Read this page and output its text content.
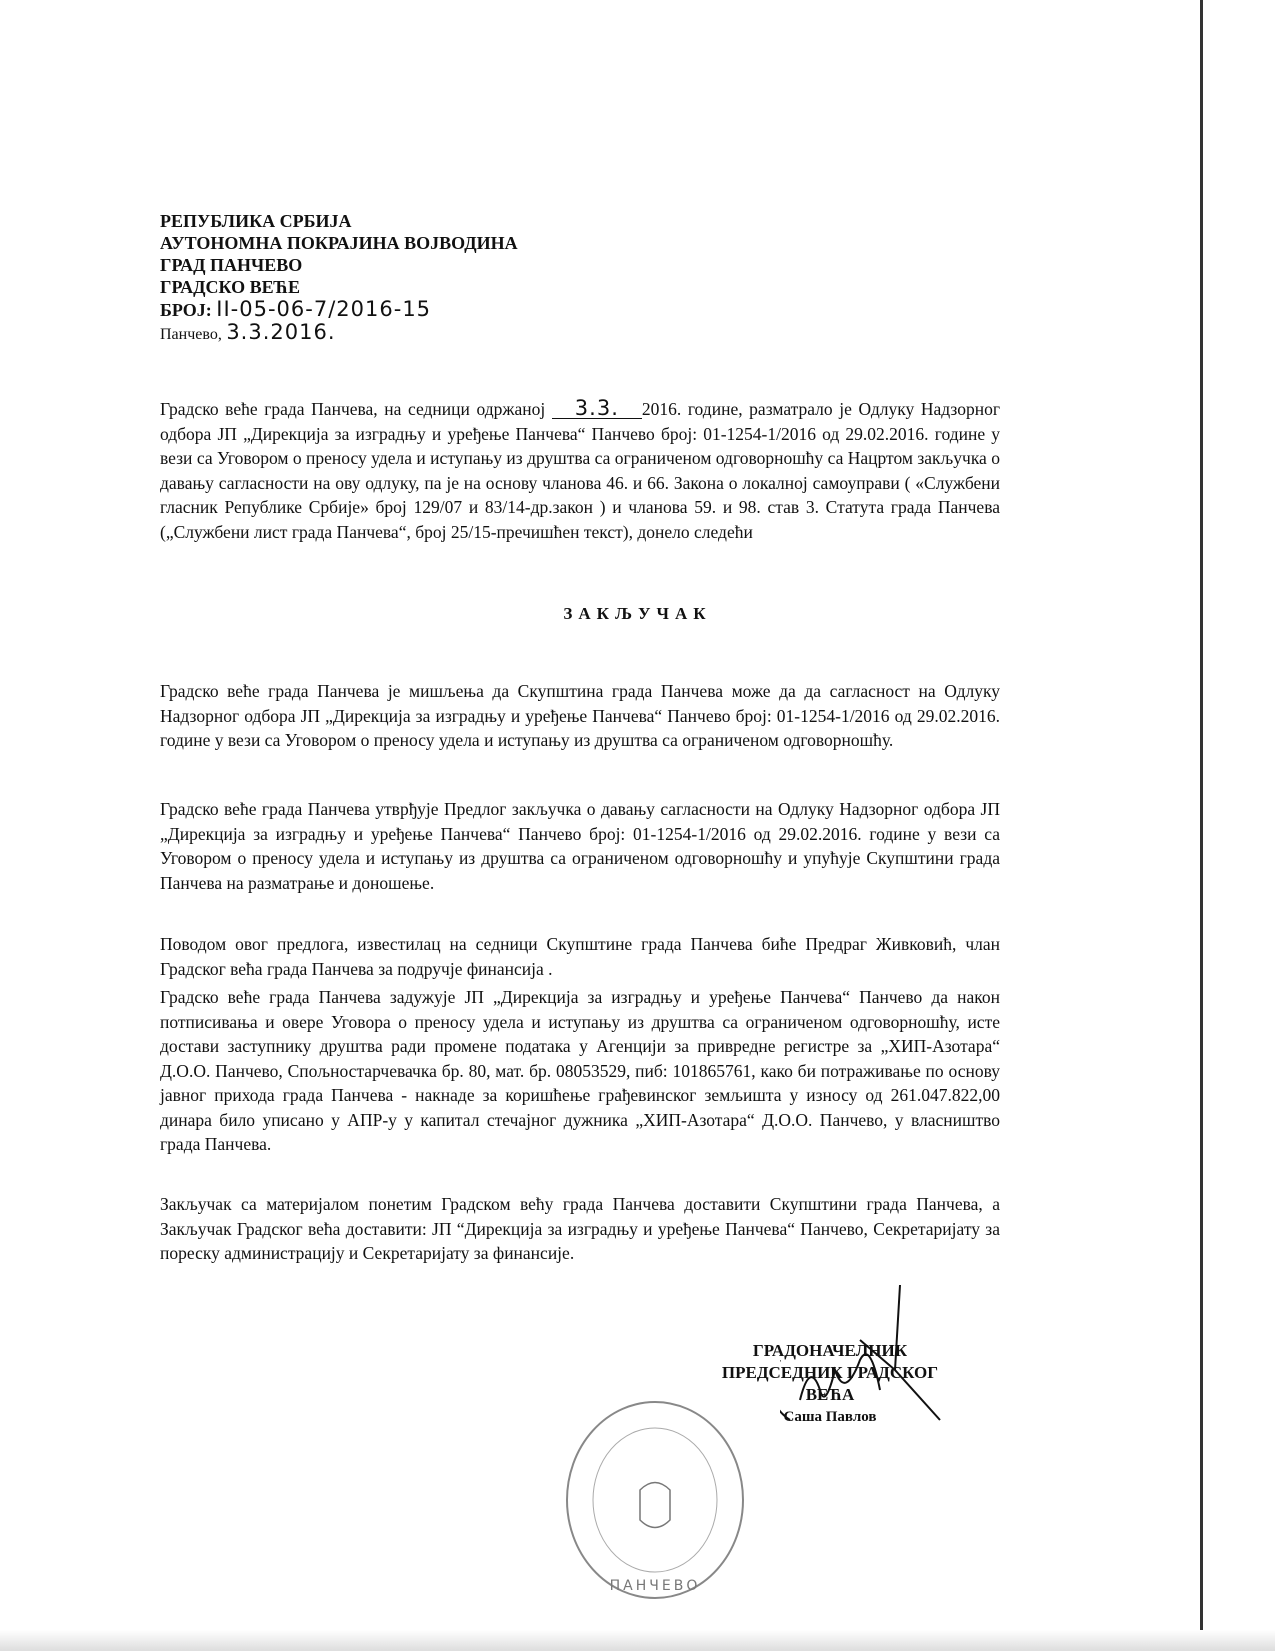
РЕПУБЛИКА СРБИЈА
АУТОНОМНА ПОКРАЈИНА ВОЈВОДИНА
ГРАД ПАНЧЕВО
ГРАДСКО ВЕЋЕ
БРОЈ: II-05-06-7/2016-15
Панчево, 3.3.2016.
Градско веће града Панчева, на седници одржаној 3.3. 2016. године, разматрало је Одлуку Надзорног одбора ЈП „Дирекција за изградњу и уређење Панчева“ Панчево број: 01-1254-1/2016 од 29.02.2016. године у вези са Уговором о преносу удела и иступању из друштва са ограниченом одговорношћу са Нацртом закључка о давању сагласности на ову одлуку, па је на основу чланова 46. и 66. Закона о локалној самоуправи ( «Службени гласник Републике Србије» број 129/07 и 83/14-др.закон ) и чланова 59. и 98. став 3. Статута града Панчева („Службени лист града Панчева“, број 25/15-пречишћен текст), донело следећи
ЗАКЉУЧАК
Градско веће града Панчева је мишљења да Скупштина града Панчева може да да сагласност на Одлуку Надзорног одбора ЈП „Дирекција за изградњу и уређење Панчева“ Панчево број: 01-1254-1/2016 од 29.02.2016. године у вези са Уговором о преносу удела и иступању из друштва са ограниченом одговорношћу.
Градско веће града Панчева утврђује Предлог закључка о давању сагласности на Одлуку Надзорног одбора ЈП „Дирекција за изградњу и уређење Панчева“ Панчево број: 01-1254-1/2016 од 29.02.2016. године у вези са Уговором о преносу удела и иступању из друштва са ограниченом одговорношћу и упућује Скупштини града Панчева на разматрање и доношење.
Поводом овог предлога, известилац на седници Скупштине града Панчева биће Предраг Живковић, члан Градског већа града Панчева за подручје финансија .
Градско веће града Панчева задужује ЈП „Дирекција за изградњу и уређење Панчева“ Панчево да након потписивања и овере Уговора о преносу удела и иступању из друштва са ограниченом одговорношћу, исте достави заступнику друштва ради промене података у Агенцији за привредне регистре за „ХИП-Азотара“ Д.О.О. Панчево, Спољностарчевачка бр. 80, мат. бр. 08053529, пиб: 101865761, како би потраживање по основу јавног прихода града Панчева - накнаде за коришћење грађевинског земљишта у износу од 261.047.822,00 динара било уписано у АПР-у у капитал стечајног дужника „ХИП-Азотара“ Д.О.О. Панчево, у власништво града Панчева.
Закључак са материјалом понетим Градском већу града Панчева доставити Скупштини града Панчева, а Закључак Градског већа доставити: ЈП “Дирекција за изградњу и уређење Панчева“ Панчево, Секретаријату за пореску администрацију и Секретаријату за финансије.
ПАНЧЕВО
ГРАДОНАЧЕЛНИК
ПРЕДСЕДНИК ГРАДСКОГ ВЕЋА
Саша Павлов
